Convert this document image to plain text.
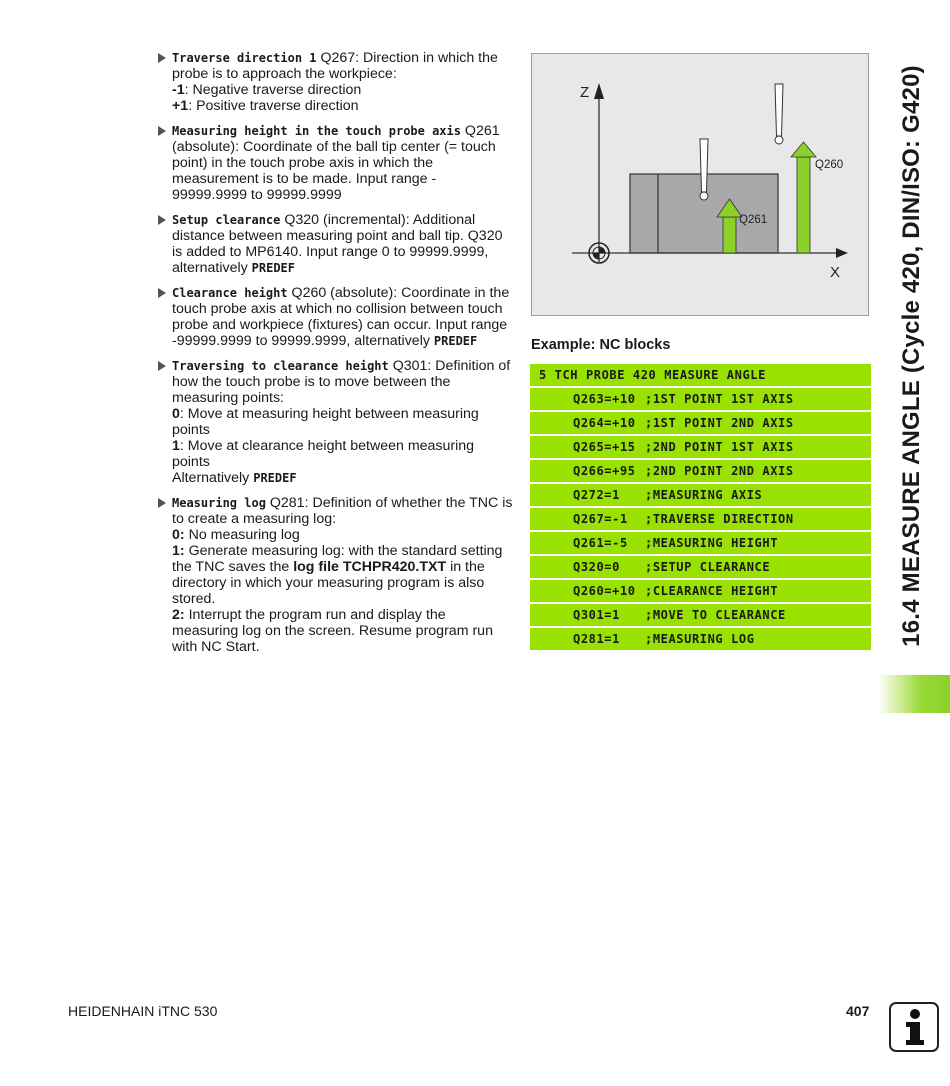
Traverse direction 1 Q267: Direction in which the
probe is to approach the workpiece:
-1: Negative traverse direction
+1: Positive traverse direction
Measuring height in the touch probe axis Q261
(absolute): Coordinate of the ball tip center (= touch
point) in the touch probe axis in which the
measurement is to be made. Input range -
99999.9999 to 99999.9999
Setup clearance Q320 (incremental): Additional
distance between measuring point and ball tip. Q320
is added to MP6140. Input range 0 to 99999.9999,
alternatively PREDEF
Clearance height Q260 (absolute): Coordinate in the
touch probe axis at which no collision between touch
probe and workpiece (fixtures) can occur. Input range
-99999.9999 to 99999.9999, alternatively PREDEF
Traversing to clearance height Q301: Definition of
how the touch probe is to move between the
measuring points:
0: Move at measuring height between measuring
points
1: Move at clearance height between measuring
points
Alternatively PREDEF
Measuring log Q281: Definition of whether the TNC is
to create a measuring log:
0: No measuring log
1: Generate measuring log: with the standard setting
the TNC saves the log file TCHPR420.TXT in the
directory in which your measuring program is also
stored.
2: Interrupt the program run and display the
measuring log on the screen. Resume program run
with NC Start.
Z
X
Q261
Q260
Example: NC blocks
5 TCH PROBE 420 MEASURE ANGLE
Q263=+10 ;1ST POINT 1ST AXIS
Q264=+10 ;1ST POINT 2ND AXIS
Q265=+15 ;2ND POINT 1ST AXIS
Q266=+95 ;2ND POINT 2ND AXIS
Q272=1 ;MEASURING AXIS
Q267=-1 ;TRAVERSE DIRECTION
Q261=-5 ;MEASURING HEIGHT
Q320=0 ;SETUP CLEARANCE
Q260=+10 ;CLEARANCE HEIGHT
Q301=1 ;MOVE TO CLEARANCE
Q281=1 ;MEASURING LOG	16.4 MEASURE ANGLE (Cycle 420, DIN/ISO: G420)
HEIDENHAIN iTNC 530	407
